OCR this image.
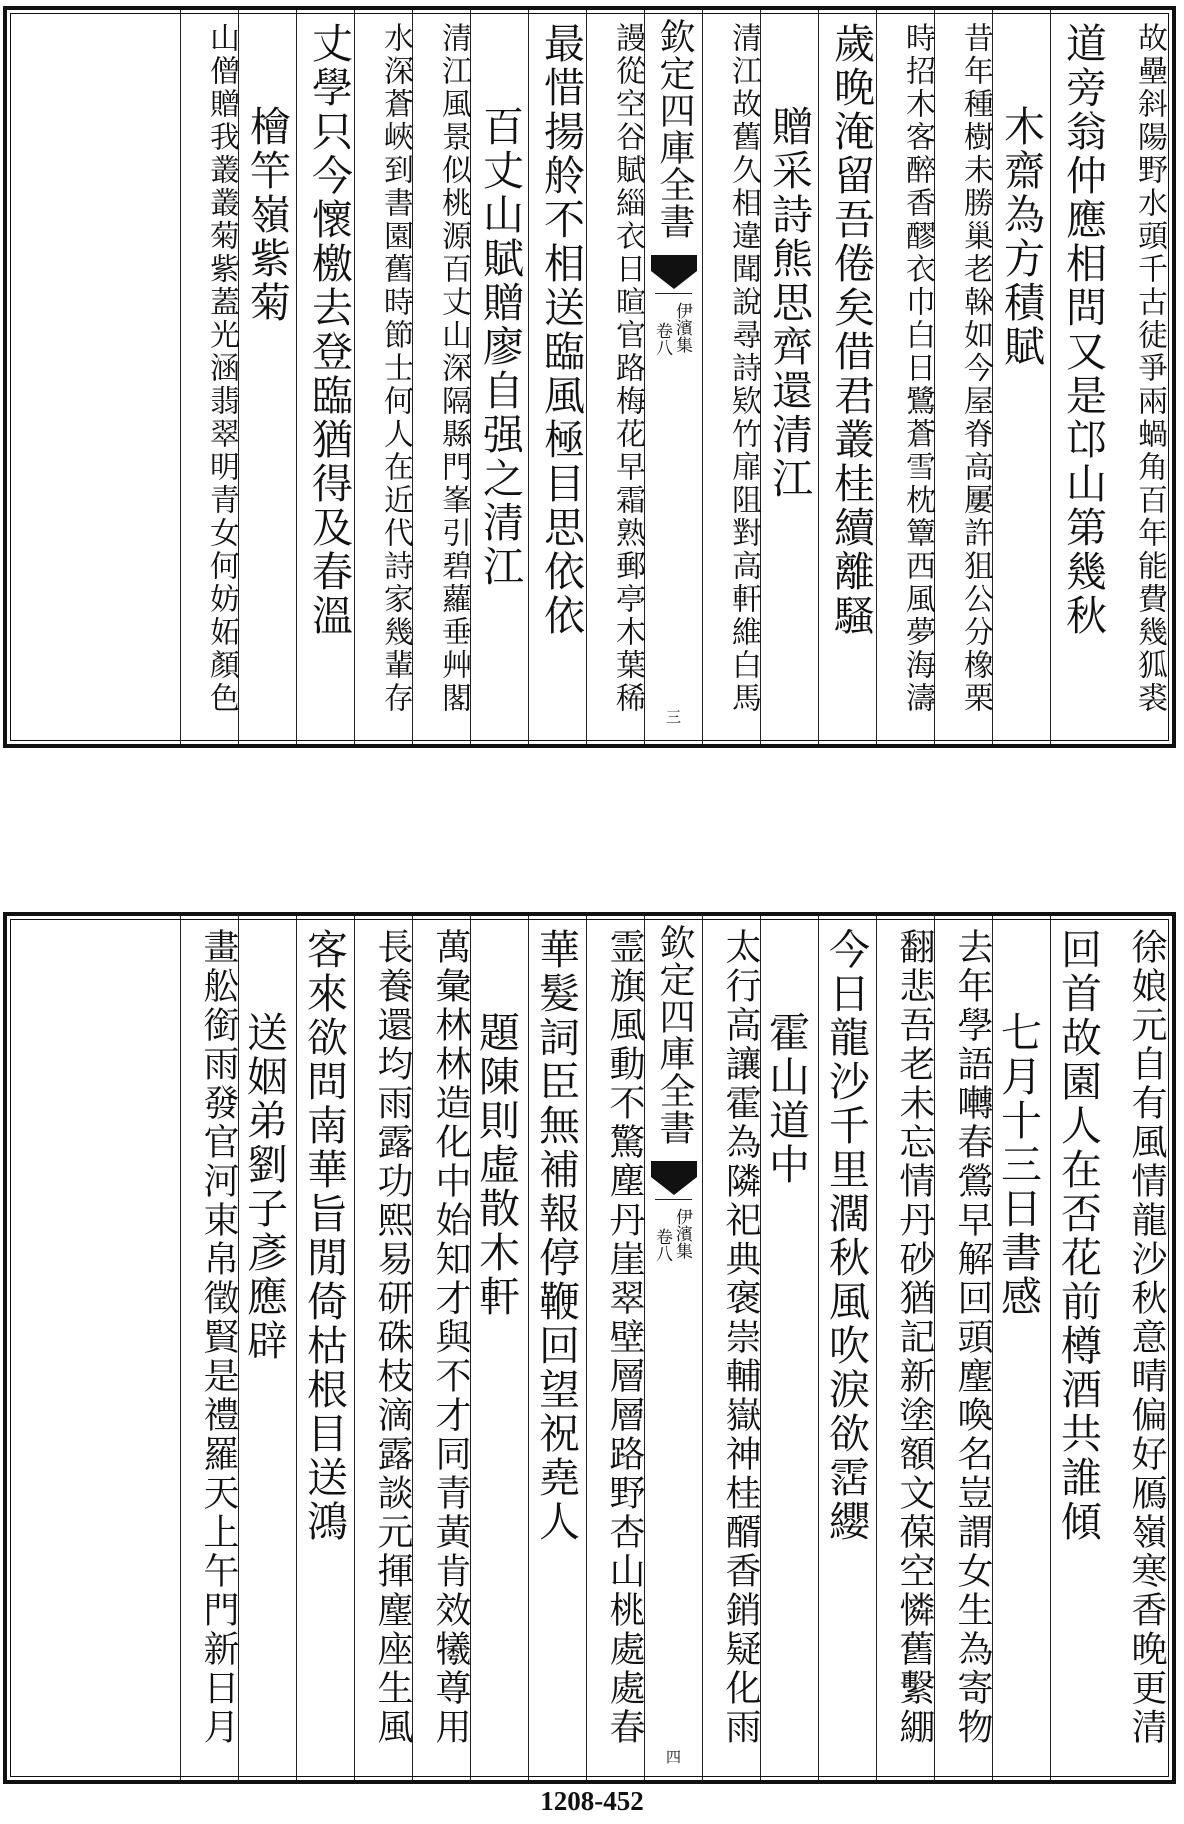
故壘斜陽野水頭千古徒爭兩蝸角百年能費幾狐裘
道旁翁仲應相問又是邙山第幾秋
木齋為方積賦
昔年種樹未勝巢老榦如今屋脊高屢許狙公分橡栗
時招木客醉香醪衣巾白日鷺蒼雪枕簟西風夢海濤
歲晚淹留吾倦矣借君叢桂續離騷
贈采詩熊思齊還清江
清江故舊久相違聞說尋詩欵竹扉阻對高軒維白馬
欽定四庫全書
伊濱集
卷八
三
謾從空谷賦緇衣日暄官路梅花早霜熟郵亭木葉稀
最惜揚舲不相送臨風極目思依依
百丈山賦贈廖自强之清江
清江風景似桃源百丈山深隔縣門峯引碧蘿垂艸閣
水深蒼峽到書園舊時節士何人在近代詩家幾輩存
丈學只今懷檄去登臨猶得及春溫
檜竿嶺紫菊
山僧贈我叢叢菊紫蓋光涵翡翠明青女何妨妬顏色
徐娘元自有風情龍沙秋意晴偏好鴈嶺寒香晚更清
回首故園人在否花前樽酒共誰傾
七月十三日書感
去年學語囀春鶯早解回頭麈喚名豈謂女生為寄物
翻悲吾老未忘情丹砂猶記新塗額文葆空憐舊繫綳
今日龍沙千里濶秋風吹淚欲霑纓
霍山道中
太行高讓霍為隣祀典褒崇輔嶽神桂醑香銷疑化雨
欽定四庫全書
伊濱集
卷八
四
霊旗風動不驚塵丹崖翠壁層層路野杏山桃處處春
華髮詞臣無補報停鞭回望祝堯人
題陳則虛散木軒
萬彙林林造化中始知才與不才同青黃肯效犧尊用
長養還均雨露功熙易研硃枝滴露談元揮麈座生風
客來欲問南華旨閒倚枯根目送鴻
送姻弟劉子彥應辟
畫舩銜雨發官河束帛徵賢是禮羅天上午門新日月
1208-452
